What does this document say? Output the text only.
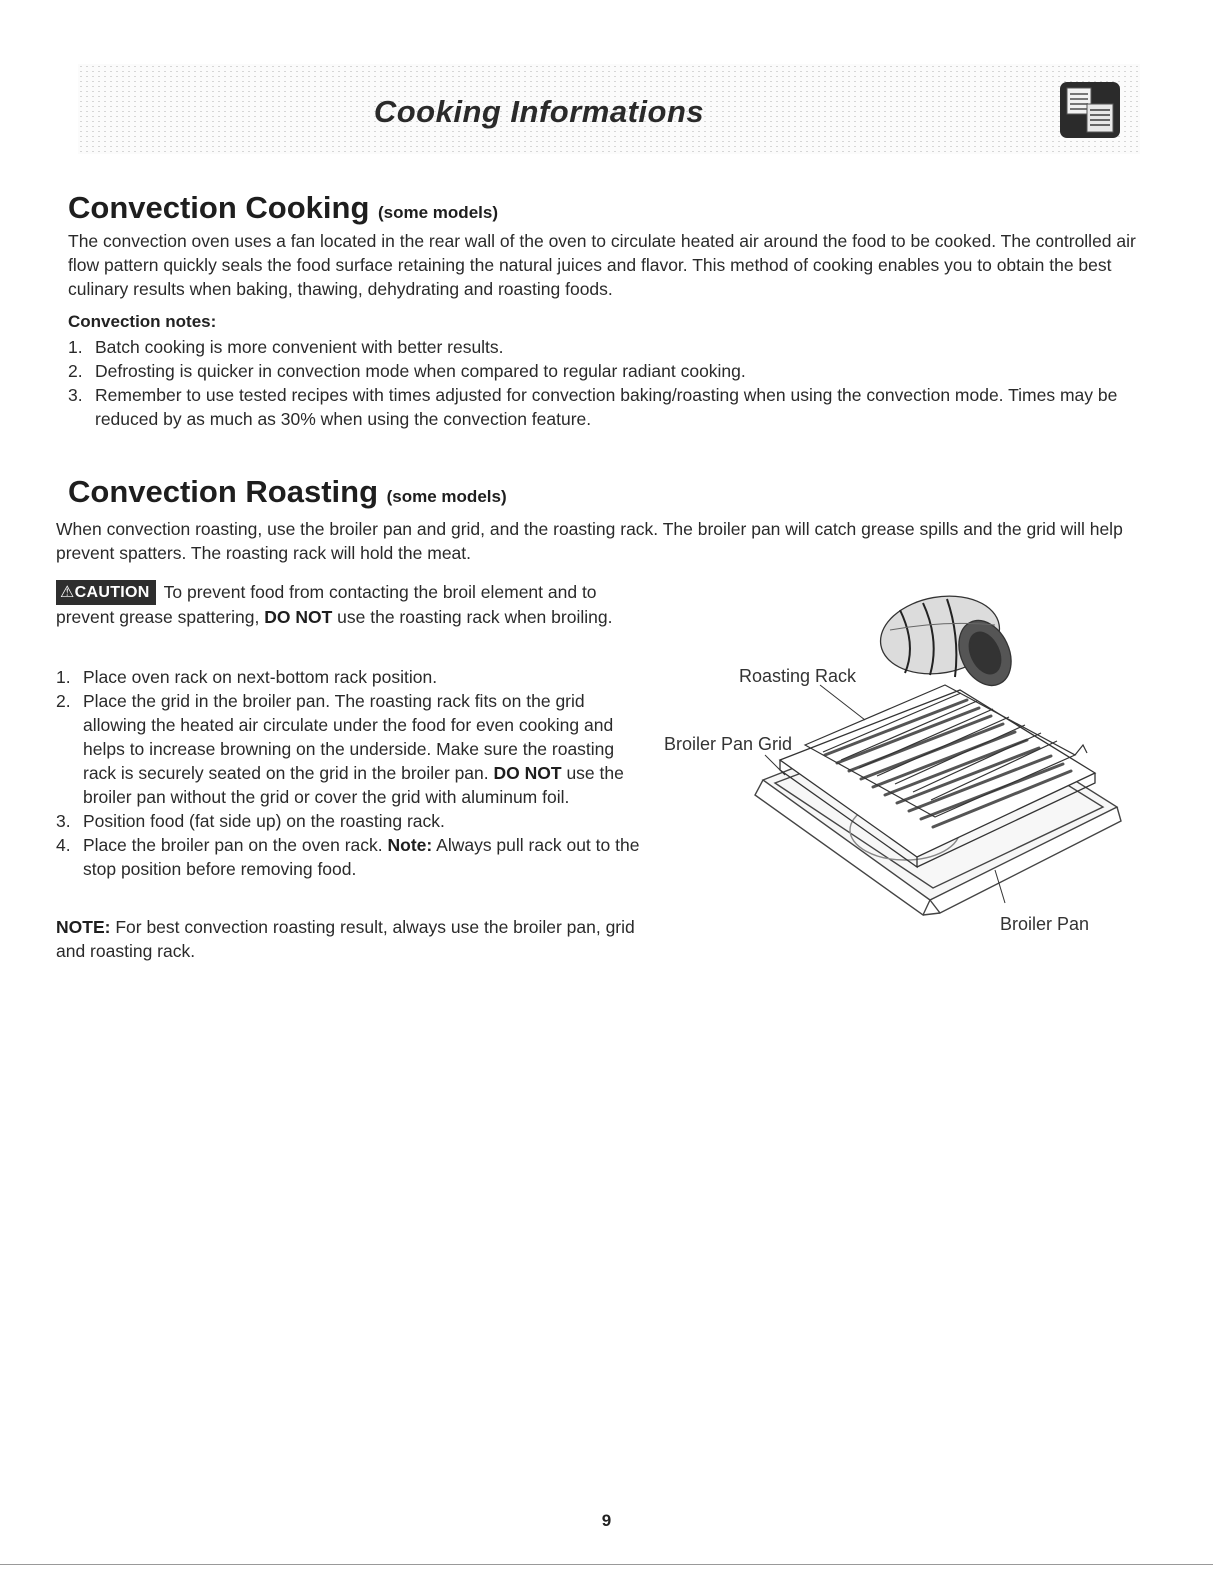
Cooking Informations
Convection Cooking (some models)

The convection oven uses a fan located in the rear wall of the oven to circulate heated air around the food to be cooked. The controlled air flow pattern quickly seals the food surface retaining the natural juices and flavor. This method of cooking enables you to obtain the best culinary results when baking, thawing, dehydrating and roasting foods.

Convection notes:
1. Batch cooking is more convenient with better results.
2. Defrosting is quicker in convection mode when compared to regular radiant cooking.
3. Remember to use tested recipes with times adjusted for convection baking/roasting when using the convection mode. Times may be reduced by as much as 30% when using the convection feature.
Convection Roasting (some models)

When convection roasting, use the broiler pan and grid, and the roasting rack. The broiler pan will catch grease spills and the grid will help prevent spatters. The roasting rack will hold the meat.

⚠CAUTION To prevent food from contacting the broil element and to prevent grease spattering, DO NOT use the roasting rack when broiling.
1. Place oven rack on next-bottom rack position.
2. Place the grid in the broiler pan. The roasting rack fits on the grid allowing the heated air circulate under the food for even cooking and helps to increase browning on the underside. Make sure the roasting rack is securely seated on the grid in the broiler pan. DO NOT use the broiler pan without the grid or cover the grid with aluminum foil.
3. Position food (fat side up) on the roasting rack.
4. Place the broiler pan on the oven rack. Note: Always pull rack out to the stop position before removing food.
NOTE: For best convection roasting result, always use the broiler pan, grid and roasting rack.
Roasting Rack
Broiler Pan Grid
Broiler Pan
9
